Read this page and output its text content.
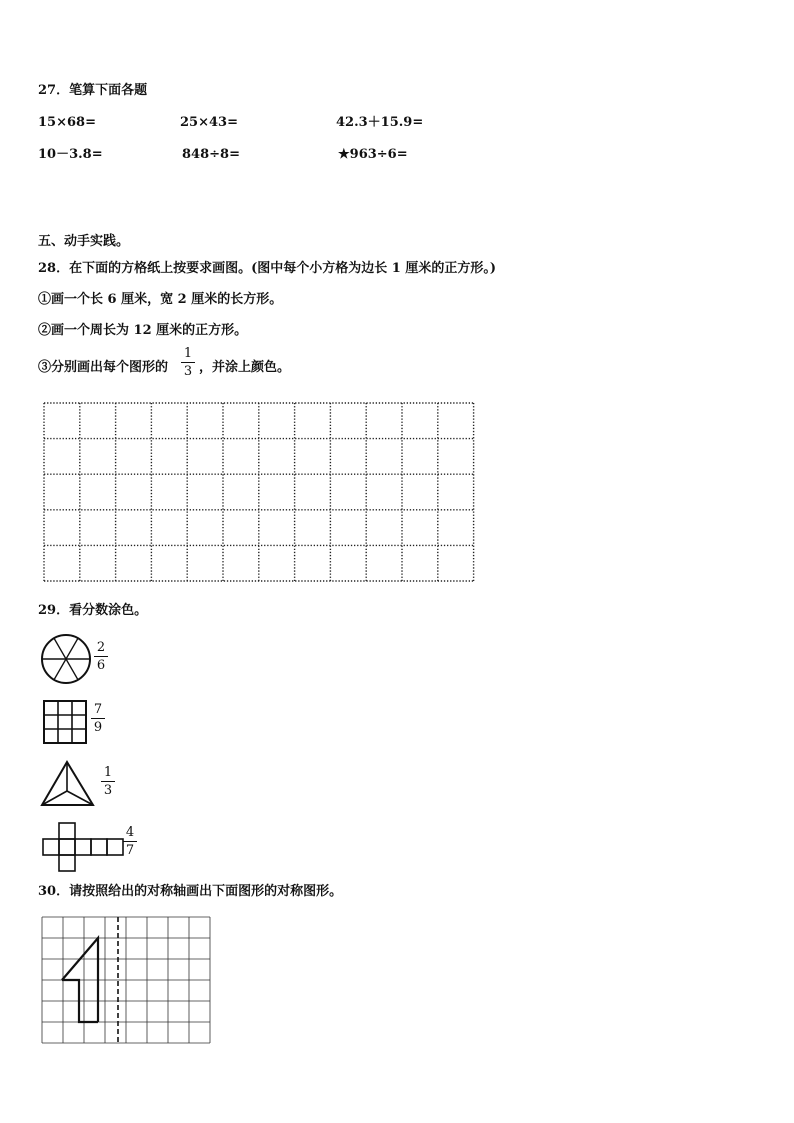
27．笔算下面各题
15×68=	25×43=	42.3＋15.9=
10－3.8=	848÷8=	★963÷6=
五、动手实践。
28．在下面的方格纸上按要求画图。(图中每个小方格为边长 1 厘米的正方形。)
①画一个长 6 厘米，宽 2 厘米的长方形。
②画一个周长为 12 厘米的正方形。
③分别画出每个图形的
1
3 ，并涂上颜色。
29．看分数涂色。
2
6
7
9
1
3
4
7
30．请按照给出的对称轴画出下面图形的对称图形。
